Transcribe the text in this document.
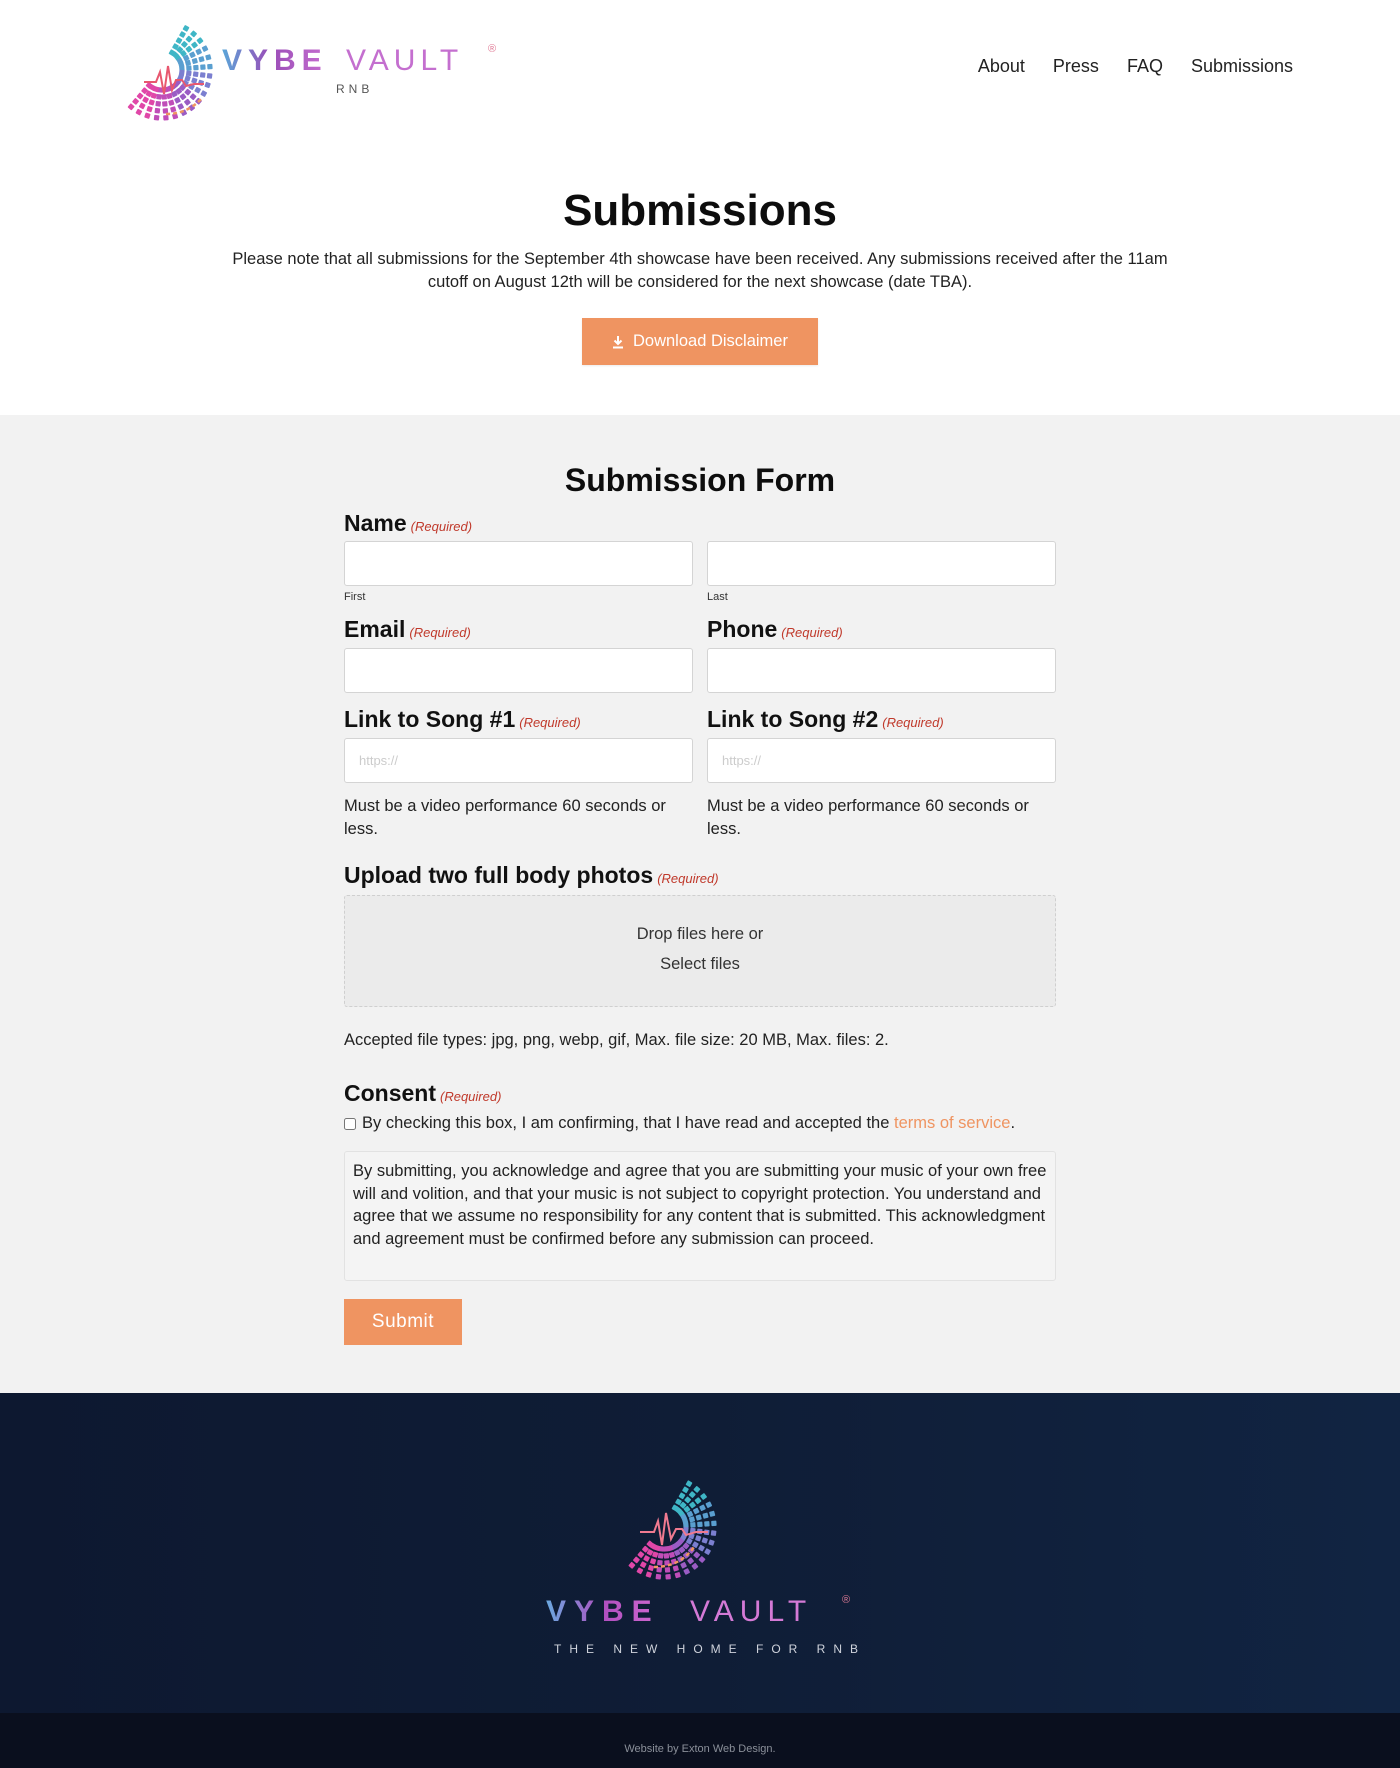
VYBE VAULT ®
RNB
About Press FAQ Submissions
Submissions

Please note that all submissions for the September 4th showcase have been received. Any submissions received after the 11am cutoff on August 12th will be considered for the next showcase (date TBA).

Download Disclaimer
Submission Form
Name (Required)
First	Last
Email (Required)	Phone (Required)
Link to Song #1 (Required)	Link to Song #2 (Required)
https://
https://
Must be a video performance 60 seconds or less.
Must be a video performance 60 seconds or less.
Upload two full body photos (Required)
Drop files here or
Select files
Accepted file types: jpg, png, webp, gif, Max. file size: 20 MB, Max. files: 2.
Consent (Required)
By checking this box, I am confirming, that I have read and accepted the
terms of service .
By submitting, you acknowledge and agree that you are submitting your music of your own free will and volition, and that your music is not subject to copyright protection. You understand and agree that we assume no responsibility for any content that is submitted. This acknowledgment and agreement must be confirmed before any submission can proceed.
Submit
VYBE VAULT	®
THE NEW HOME FOR RNB
$_{Website by Exton Web Design.}$
